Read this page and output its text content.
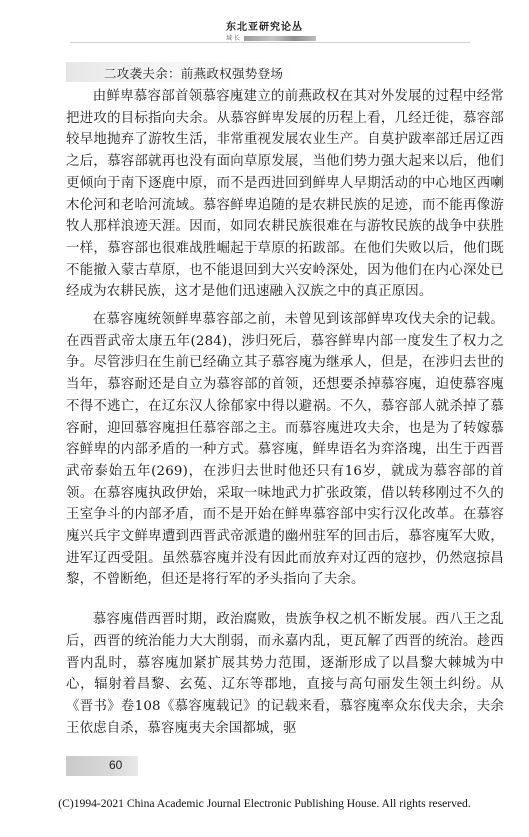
东北亚研究论丛
域 长
二攻袭夫余：前燕政权强势登场

由鲜卑慕容部首领慕容廆建立的前燕政权在其对外发展的过程中经常把进攻的目标指向夫余。从慕容鲜卑发展的历程上看，几经迁徙，慕容部较早地抛弃了游牧生活，非常重视发展农业生产。自莫护跋率部迁居辽西之后，慕容部就再也没有面向草原发展，当他们势力强大起来以后，他们更倾向于南下逐鹿中原，而不是西进回到鲜卑人早期活动的中心地区西喇木伦河和老哈河流域。慕容鲜卑追随的是农耕民族的足迹，而不能再像游牧人那样浪迹天涯。因而，如同农耕民族很难在与游牧民族的战争中获胜一样，慕容部也很难战胜崛起于草原的拓跋部。在他们失败以后，他们既不能撤入蒙古草原，也不能退回到大兴安岭深处，因为他们在内心深处已经成为农耕民族，这才是他们迅速融入汉族之中的真正原因。

在慕容廆统领鲜卑慕容部之前，未曾见到该部鲜卑攻伐夫余的记载。在西晋武帝太康五年(284)，涉归死后，慕容鲜卑内部一度发生了权力之争。尽管涉归在生前已经确立其子慕容廆为继承人，但是，在涉归去世的当年，慕容耐还是自立为慕容部的首领，还想要杀掉慕容廆，迫使慕容廆不得不逃亡，在辽东汉人徐郁家中得以避祸。不久，慕容部人就杀掉了慕容耐，迎回慕容廆担任慕容部之主。而慕容廆进攻夫余，也是为了转嫁慕容鲜卑的内部矛盾的一种方式。慕容廆，鲜卑语名为弈洛瑰，出生于西晋武帝泰始五年(269)，在涉归去世时他还只有16岁，就成为慕容部的首领。在慕容廆执政伊始，采取一味地武力扩张政策，借以转移刚过不久的王室争斗的内部矛盾，而不是开始在鲜卑慕容部中实行汉化改革。在慕容廆兴兵宇文鲜卑遭到西晋武帝派遣的幽州驻军的回击后，慕容廆军大败，进军辽西受阻。虽然慕容廆并没有因此而放弃对辽西的寇抄，仍然寇掠昌黎，不曾断绝，但还是将行军的矛头指向了夫余。

慕容廆借西晋时期，政治腐败，贵族争权之机不断发展。西八王之乱后，西晋的统治能力大大削弱，而永嘉内乱，更瓦解了西晋的统治。趁西晋内乱时，慕容廆加紧扩展其势力范围，逐渐形成了以昌黎大棘城为中心，辐射着昌黎、玄菟、辽东等郡地，直接与高句丽发生领土纠纷。从《晋书》卷108《慕容廆载记》的记载来看，慕容廆率众东伐夫余，夫余王依虑自杀，慕容廆夷夫余国都城，驱

60
(C)1994-2021 China Academic Journal Electronic Publishing House. All rights reserved.
